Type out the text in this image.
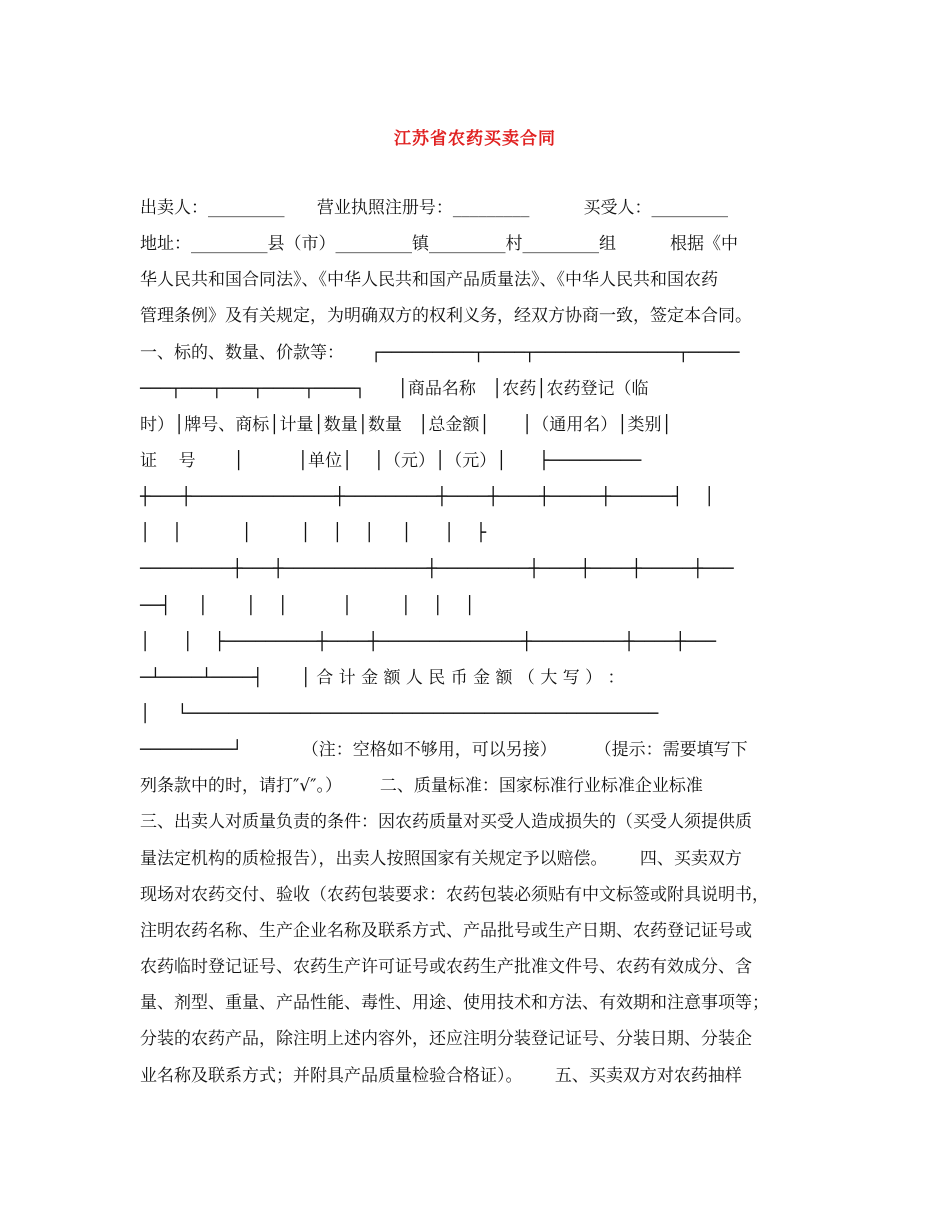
江苏省农药买卖合同
出卖人：_________      营业执照注册号：_________          买受人：_________
地址：_________县（市）_________镇_________村_________组          根据《中
华人民共和国合同法》、《中华人民共和国产品质量法》、《中华人民共和国农药
管理条例》及有关规定，为明确双方的权利义务，经双方协商一致，签定本合同。
一、标的、数量、价款等：     ┌─────────┬────┬──────────────┬─────
───┬───┬───┬────┬────┐      │商品名称   │农药│农药登记（临
时）│牌号、商标│计量│数量│数量   │总金额│      │（通用名）│类别│
证    号       │          │单位│    │（元）│（元）│      ├─────────
┼───┼──────────────┼─────────┼────┼────┼─────┼──────┤    │
│    │           │         │    │    │     │      │    ├
─────────┼───┼──────────────┼─────────┼────┼────┼─────┼───
──┤     │       │    │          │         │    │    │
│      │    ├─────────┼────┼──────────────┼─────────┼────┼───
─┴────┴────┤       │ 合 计 金 额 人 民 币 金 额 （ 大 写 ） ：
│     └──────────────────────────────────────────────
─────────┘           （注：空格如不够用，可以另接）       （提示：需要填写下
列条款中的时，请打″√″。）       二、质量标准：国家标准行业标准企业标准
三、出卖人对质量负责的条件：因农药质量对买受人造成损失的（买受人须提供质
量法定机构的质检报告），出卖人按照国家有关规定予以赔偿。      四、买卖双方
现场对农药交付、验收（农药包装要求：农药包装必须贴有中文标签或附具说明书，
注明农药名称、生产企业名称及联系方式、产品批号或生产日期、农药登记证号或
农药临时登记证号、农药生产许可证号或农药生产批准文件号、农药有效成分、含
量、剂型、重量、产品性能、毒性、用途、使用技术和方法、有效期和注意事项等；
分装的农药产品，除注明上述内容外，还应注明分装登记证号、分装日期、分装企
业名称及联系方式；并附具产品质量检验合格证）。      五、买卖双方对农药抽样
